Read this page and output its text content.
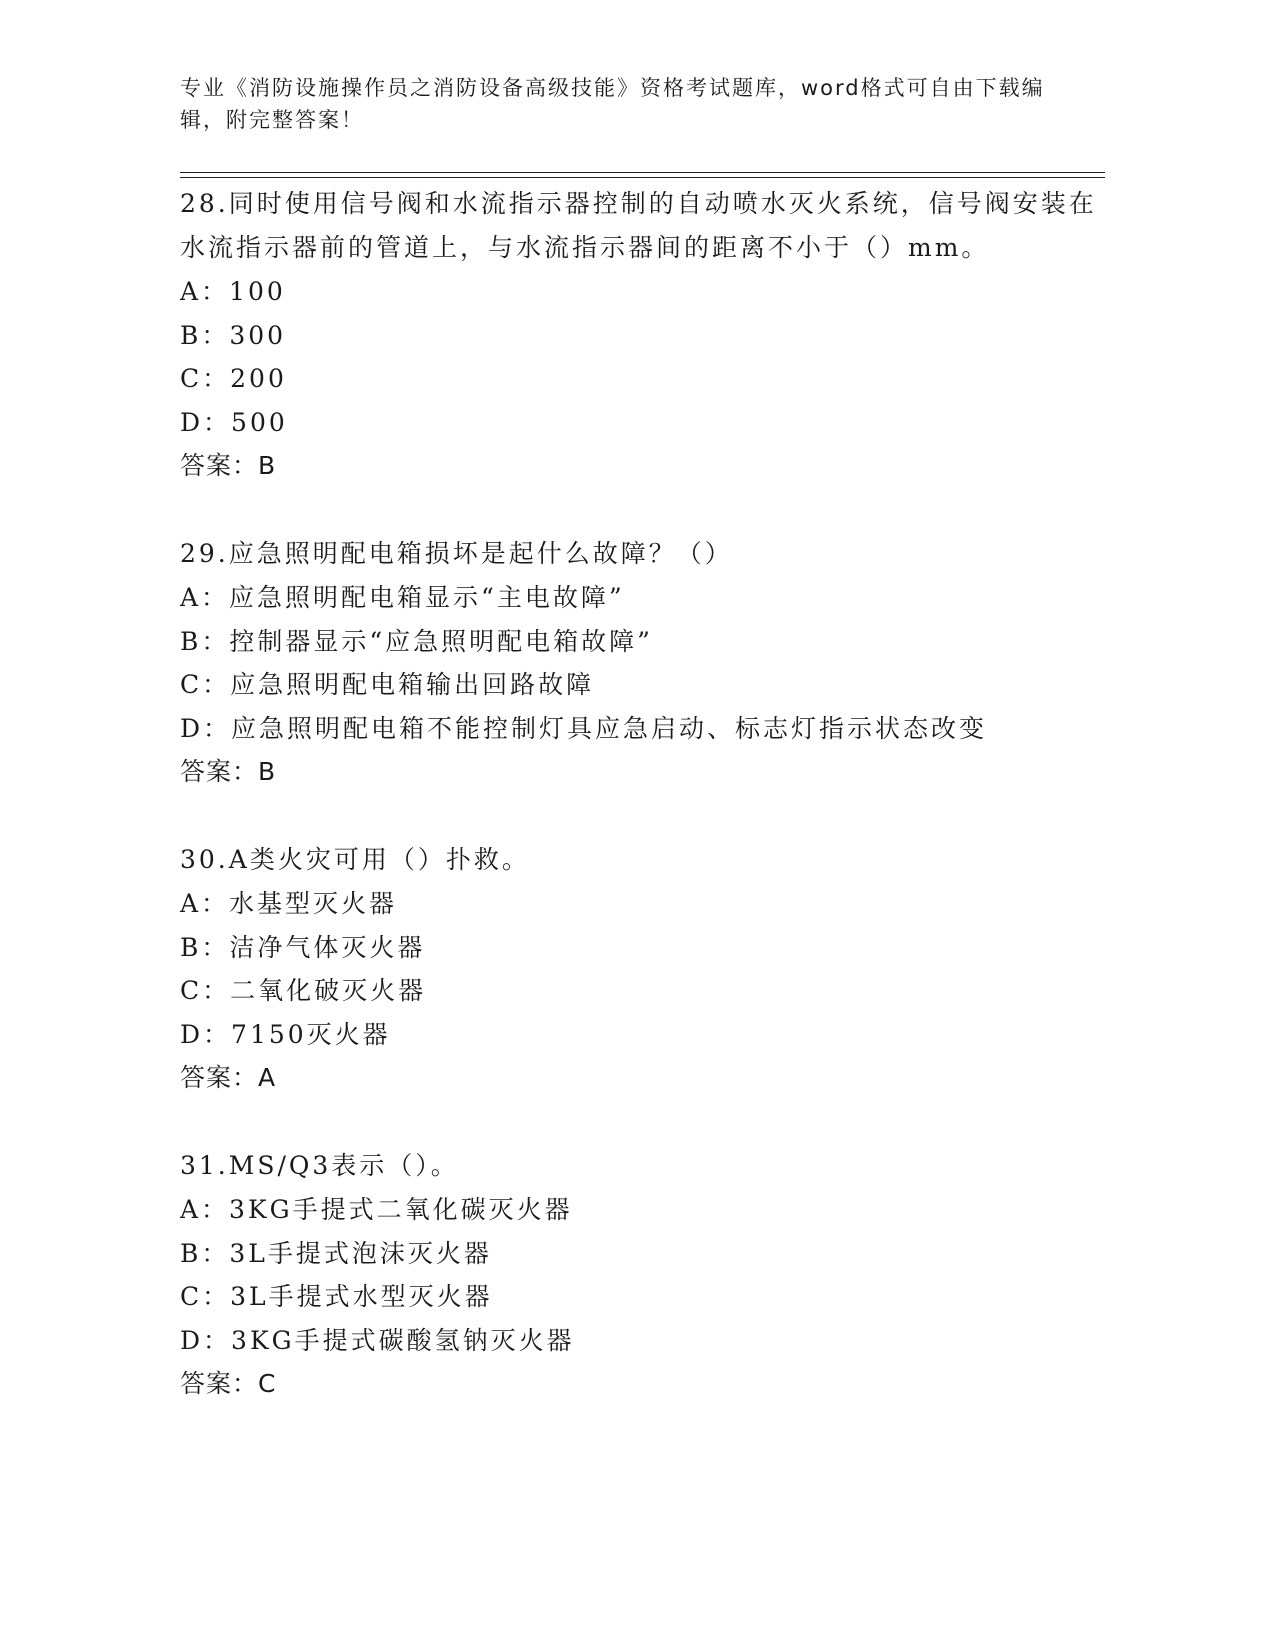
专业《消防设施操作员之消防设备高级技能》资格考试题库，word格式可自由下载编辑，附完整答案！
28.同时使用信号阀和水流指示器控制的自动喷水灭火系统，信号阀安装在水流指示器前的管道上，与水流指示器间的距离不小于（）mm。
A：100
B：300
C：200
D：500
答案：B
29.应急照明配电箱损坏是起什么故障？（）
A：应急照明配电箱显示“主电故障”
B：控制器显示“应急照明配电箱故障”
C：应急照明配电箱输出回路故障
D：应急照明配电箱不能控制灯具应急启动、标志灯指示状态改变
答案：B
30.A类火灾可用（）扑救。
A：水基型灭火器
B：洁净气体灭火器
C：二氧化破灭火器
D：7150灭火器
答案：A
31.MS/Q3表示（）。
A：3KG手提式二氧化碳灭火器
B：3L手提式泡沫灭火器
C：3L手提式水型灭火器
D：3KG手提式碳酸氢钠灭火器
答案：C
